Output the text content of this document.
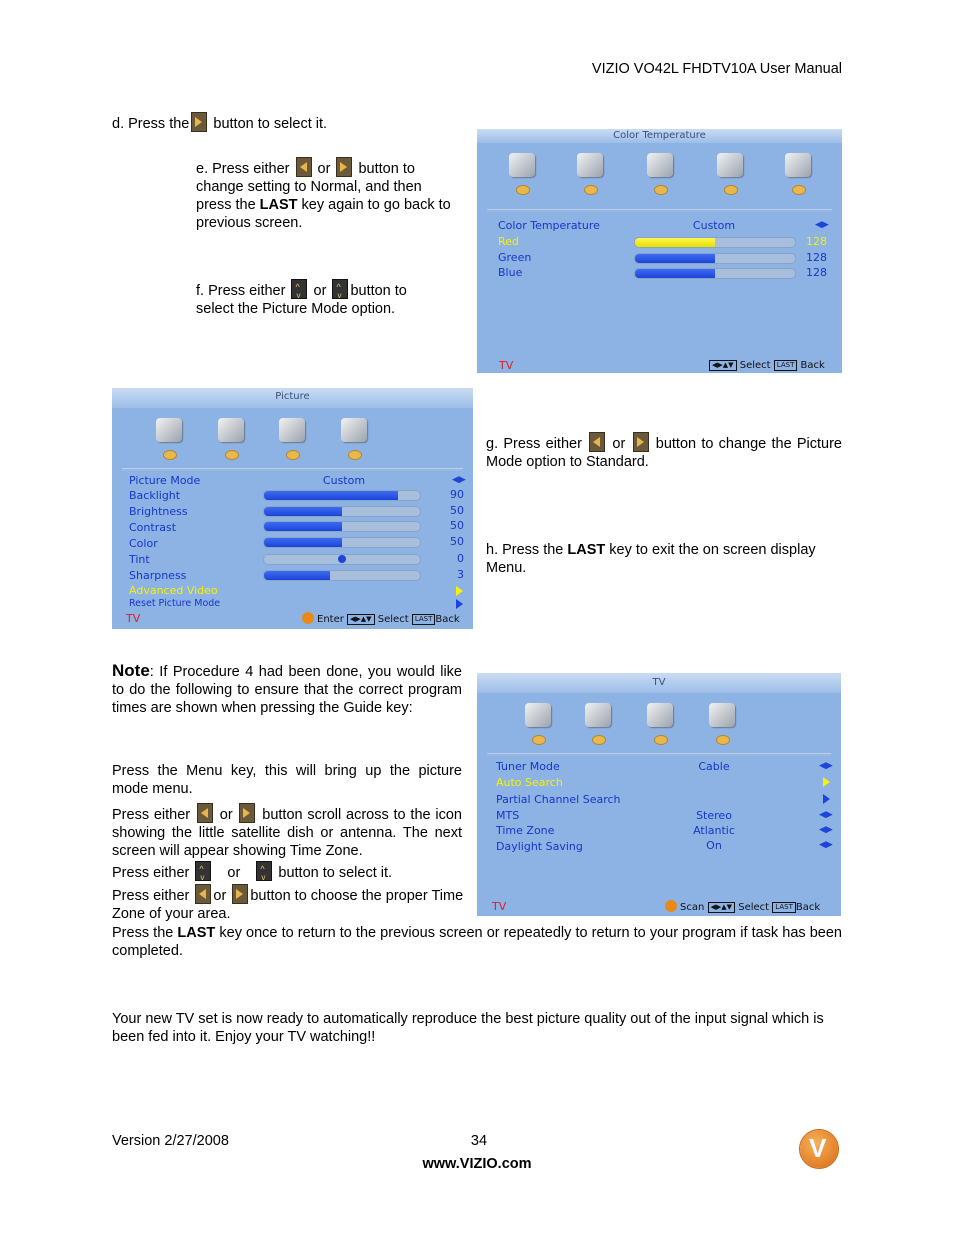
VIZIO VO42L FHDTV10A User Manual
d. Press the button to select it.
e. Press either  or  button to change setting to Normal, and then press the LAST key again to go back to previous screen.
f. Press either ^ v or ^ vbutton to select the Picture Mode option.
Color Temperature
Color Temperature	Custom	◀▶
Red	128
Green	128
Blue	128
TV	◀▶▲▼ Select LAST Back
Picture
Picture Mode	Custom	◀▶
Backlight	90
Brightness	50
Contrast	50
Color	50
Tint	0
Sharpness	3
Advanced Video
Reset Picture Mode
TV	Enter ◀▶▲▼ Select LAST Back
g. Press either  or  button to change the Picture Mode option to Standard.
h. Press the LAST key to exit the on screen display Menu.
Note: If Procedure 4 had been done, you would like to do the following to ensure that the correct program times are shown when pressing the Guide key:
Press the Menu key, this will bring up the picture mode menu.
Press either  or  button scroll across to the icon showing the little satellite dish or antenna. The next screen will appear showing Time Zone.
Press either ^ v or ^ v button to select it.
Press either or button to choose the proper Time Zone of your area.
TV
Tuner Mode	Cable	◀▶
Auto Search
Partial Channel Search
MTS	Stereo	◀▶
Time Zone	Atlantic	◀▶
Daylight Saving	On	◀▶
TV	Scan ◀▶▲▼ Select LAST Back
Press the LAST key once to return to the previous screen or repeatedly to return to your program if task has been completed.
Your new TV set is now ready to automatically reproduce the best picture quality out of the input signal which is been fed into it. Enjoy your TV watching!!
Version 2/27/2008	34
www.VIZIO.com
V
